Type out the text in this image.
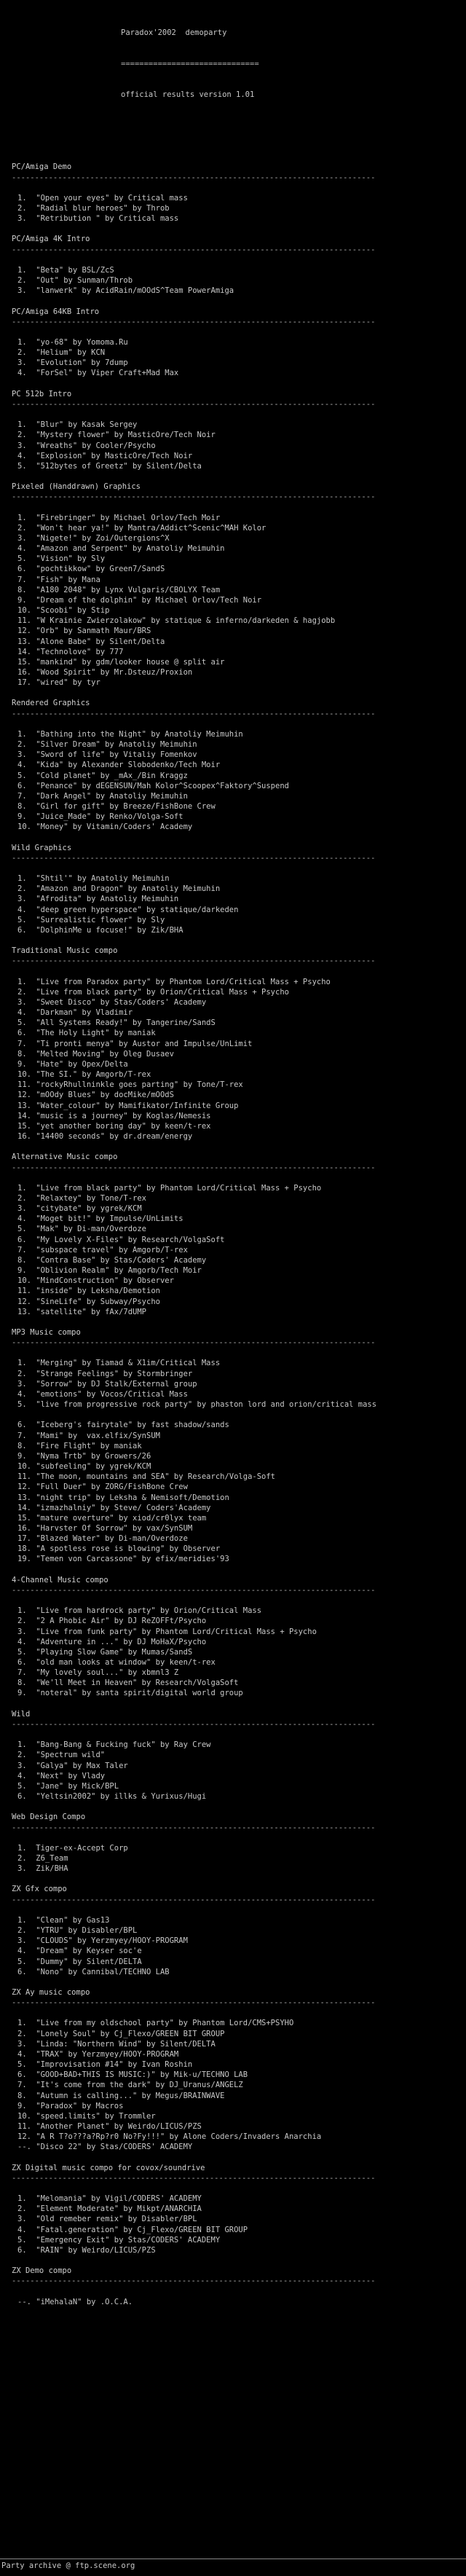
Paradox'2002  demoparty

==============================

official results version 1.01

PC/Amiga Demo
-------------------------------------------------------------------------------

1.  "Open your eyes" by Critical mass
2.  "Radial blur heroes" by Throb
3.  "Retribution " by Critical mass

PC/Amiga 4K Intro
-------------------------------------------------------------------------------

1.  "Beta" by BSL/ZcS
2.  "Out" by Sunman/Throb
3.  "lanwerk" by AcidRain/mOOdS^Team PowerAmiga

PC/Amiga 64KB Intro
-------------------------------------------------------------------------------

1.  "yo-68" by Yomoma.Ru
2.  "Helium" by KCN
3.  "Evolution" by 7dump
4.  "ForSel" by Viper Craft+Mad Max

PC 512b Intro
-------------------------------------------------------------------------------

1.  "Blur" by Kasak Sergey
2.  "Mystery flower" by MasticOre/Tech Noir
3.  "Wreaths" by Cooler/Psycho
4.  "Explosion" by MasticOre/Tech Noir
5.  "512bytes of Greetz" by Silent/Delta

Pixeled (Handdrawn) Graphics
-------------------------------------------------------------------------------

1.  "Firebringer" by Michael Orlov/Tech Moir
2.  "Won't hear ya!" by Mantra/Addict^Scenic^MAH Kolor
3.  "Nigete!" by Zoi/Outergions^X
4.  "Amazon and Serpent" by Anatoliy Meimuhin
5.  "Vision" by Sly
6.  "pochtikkow" by Green7/SandS
7.  "Fish" by Mana
8.  "A180 2048" by Lynx Vulgaris/CBOLYX Team
9.  "Dream of the dolphin" by Michael Orlov/Tech Noir
10. "Scoobi" by Stip
11. "W Krainie Zwierzolakow" by statique & inferno/darkeden & hagjobb
12. "Orb" by Sanmath Maur/BRS
13. "Alone Babe" by Silent/Delta
14. "Technolove" by 777
15. "mankind" by gdm/looker house @ split air
16. "Wood Spirit" by Mr.Dsteuz/Proxion
17. "wired" by tyr

Rendered Graphics
-------------------------------------------------------------------------------

1.  "Bathing into the Night" by Anatoliy Meimuhin
2.  "Silver Dream" by Anatoliy Meimuhin
3.  "Sword of life" by Vitaliy Fomenkov
4.  "Kida" by Alexander Slobodenko/Tech Moir
5.  "Cold planet" by _mAx_/Bin Kraggz
6.  "Penance" by dEGENSUN/Mah Kolor^Scoopex^Faktory^Suspend
7.  "Dark Angel" by Anatoliy Meimuhin
8.  "Girl for gift" by Breeze/FishBone Crew
9.  "Juice_Made" by Renko/Volga-Soft
10. "Money" by Vitamin/Coders' Academy

Wild Graphics
-------------------------------------------------------------------------------

1.  "Shtil'" by Anatoliy Meimuhin
2.  "Amazon and Dragon" by Anatoliy Meimuhin
3.  "Afrodita" by Anatoliy Meimuhin
4.  "deep green hyperspace" by statique/darkeden
5.  "Surrealistic flower" by Sly
6.  "DolphinMe u focuse!" by Zik/BHA

Traditional Music compo
-------------------------------------------------------------------------------

1.  "Live from Paradox party" by Phantom Lord/Critical Mass + Psycho
2.  "Live from black party" by Orion/Critical Mass + Psycho
3.  "Sweet Disco" by Stas/Coders' Academy
4.  "Darkman" by Vladimir
5.  "All Systems Ready!" by Tangerine/SandS
6.  "The Holy Light" by maniak
7.  "Ti pronti menya" by Austor and Impulse/UnLimit
8.  "Melted Moving" by Oleg Dusaev
9.  "Hate" by Opex/Delta
10. "The SI." by Amgorb/T-rex
11. "rockyRhullninkle goes parting" by Tone/T-rex
12. "mOOdy Blues" by docMike/mOOdS
13. "Water_colour" by Mamifikator/Infinite Group
14. "music is a journey" by Koglas/Nemesis
15. "yet another boring day" by keen/t-rex
16. "14400 seconds" by dr.dream/energy

Alternative Music compo
-------------------------------------------------------------------------------

1.  "Live from black party" by Phantom Lord/Critical Mass + Psycho
2.  "Relaxtey" by Tone/T-rex
3.  "citybate" by ygrek/KCM
4.  "Moget bit!" by Impulse/UnLimits
5.  "Mak" by Di-man/Overdoze
6.  "My Lovely X-Files" by Research/VolgaSoft
7.  "subspace travel" by Amgorb/T-rex
8.  "Contra Base" by Stas/Coders' Academy
9.  "Oblivion Realm" by Amgorb/Tech Moir
10. "MindConstruction" by Observer
11. "inside" by Leksha/Demotion
12. "SineLife" by Subway/Psycho
13. "satellite" by fAx/7dUMP

MP3 Music compo
-------------------------------------------------------------------------------

1.  "Merging" by Tiamad & X1im/Critical Mass
2.  "Strange Feelings" by Stormbringer
3.  "Sorrow" by DJ Stalk/External group
4.  "emotions" by Vocos/Critical Mass
5.  "live from progressive rock party" by phaston lord and orion/critical mass

6.  "Iceberg's fairytale" by fast shadow/sands
7.  "Mami" by  vax.elfix/SynSUM
8.  "Fire Flight" by maniak
9.  "Nyma Trtb" by Growers/26
10. "subfeeling" by ygrek/KCM
11. "The moon, mountains and SEA" by Research/Volga-Soft
12. "Full Duer" by ZORG/FishBone Crew
13. "night trip" by Leksha & Nemisoft/Demotion
14. "izmazhalniy" by Steve/ Coders'Academy
15. "mature overture" by xiod/cr0lyx team
16. "Harvster Of Sorrow" by vax/SynSUM
17. "Blazed Water" by Di-man/Overdoze
18. "A spotless rose is blowing" by Observer
19. "Temen von Carcassone" by efix/meridies'93

4-Channel Music compo
-------------------------------------------------------------------------------

1.  "Live from hardrock party" by Orion/Critical Mass
2.  "2 A Phobic Air" by DJ ReZOFFt/Psycho
3.  "Live from funk party" by Phantom Lord/Critical Mass + Psycho
4.  "Adventure in ..." by DJ MoHaX/Psycho
5.  "Playing Slow Game" by Mumas/SandS
6.  "old man looks at window" by keen/t-rex
7.  "My lovely soul..." by xbmnl3 Z
8.  "We'll Meet in Heaven" by Research/VolgaSoft
9.  "noteral" by santa spirit/digital world group

Wild
-------------------------------------------------------------------------------

1.  "Bang-Bang & Fucking fuck" by Ray Crew
2.  "Spectrum wild"
3.  "Galya" by Max Taler
4.  "Next" by Vlady
5.  "Jane" by Mick/BPL
6.  "Yeltsin2002" by illks & Yurixus/Hugi

Web Design Compo
-------------------------------------------------------------------------------

1.  Tiger-ex-Accept Corp
2.  Z6_Team
3.  Zik/BHA

ZX Gfx compo
-------------------------------------------------------------------------------

1.  "Clean" by Gas13
2.  "YTRU" by Disabler/BPL
3.  "CLOUDS" by Yerzmyey/HOOY-PROGRAM
4.  "Dream" by Keyser soc'e
5.  "Dummy" by Silent/DELTA
6.  "Nono" by Cannibal/TECHNO LAB

ZX Ay music compo
-------------------------------------------------------------------------------

1.  "Live from my oldschool party" by Phantom Lord/CMS+PSYHO
2.  "Lonely Soul" by Cj_Flexo/GREEN BIT GROUP
3.  "Linda: "Northern Wind" by Silent/DELTA
4.  "TRAX" by Yerzmyey/HOOY-PROGRAM
5.  "Improvisation #14" by Ivan Roshin
6.  "GOOD+BAD+THIS IS MUSIC:)" by Mik-u/TECHNO LAB
7.  "It's come from the dark" by DJ_Uranus/ANGELZ
8.  "Autumn is calling..." by Megus/BRAINWAVE
9.  "Paradox" by Macros
10. "speed.limits" by Trommler
11. "Another Planet" by Weirdo/LICUS/PZS
12. "A R T?o???a?Rp?r0 No?Fy!!!" by Alone Coders/Invaders Anarchia
--. "Disco 22" by Stas/CODERS' ACADEMY

ZX Digital music compo for covox/soundrive
-------------------------------------------------------------------------------

1.  "Melomania" by Vigil/CODERS' ACADEMY
2.  "Element Moderate" by Mikpt/ANARCHIA
3.  "Old remeber remix" by Disabler/BPL
4.  "Fatal.generation" by Cj_Flexo/GREEN BIT GROUP
5.  "Emergency Exit" by Stas/CODERS' ACADEMY
6.  "RAIN" by Weirdo/LICUS/PZS

ZX Demo compo
-------------------------------------------------------------------------------

--. "iMehalaN" by .O.C.A.

Party archive @ ftp.scene.org
